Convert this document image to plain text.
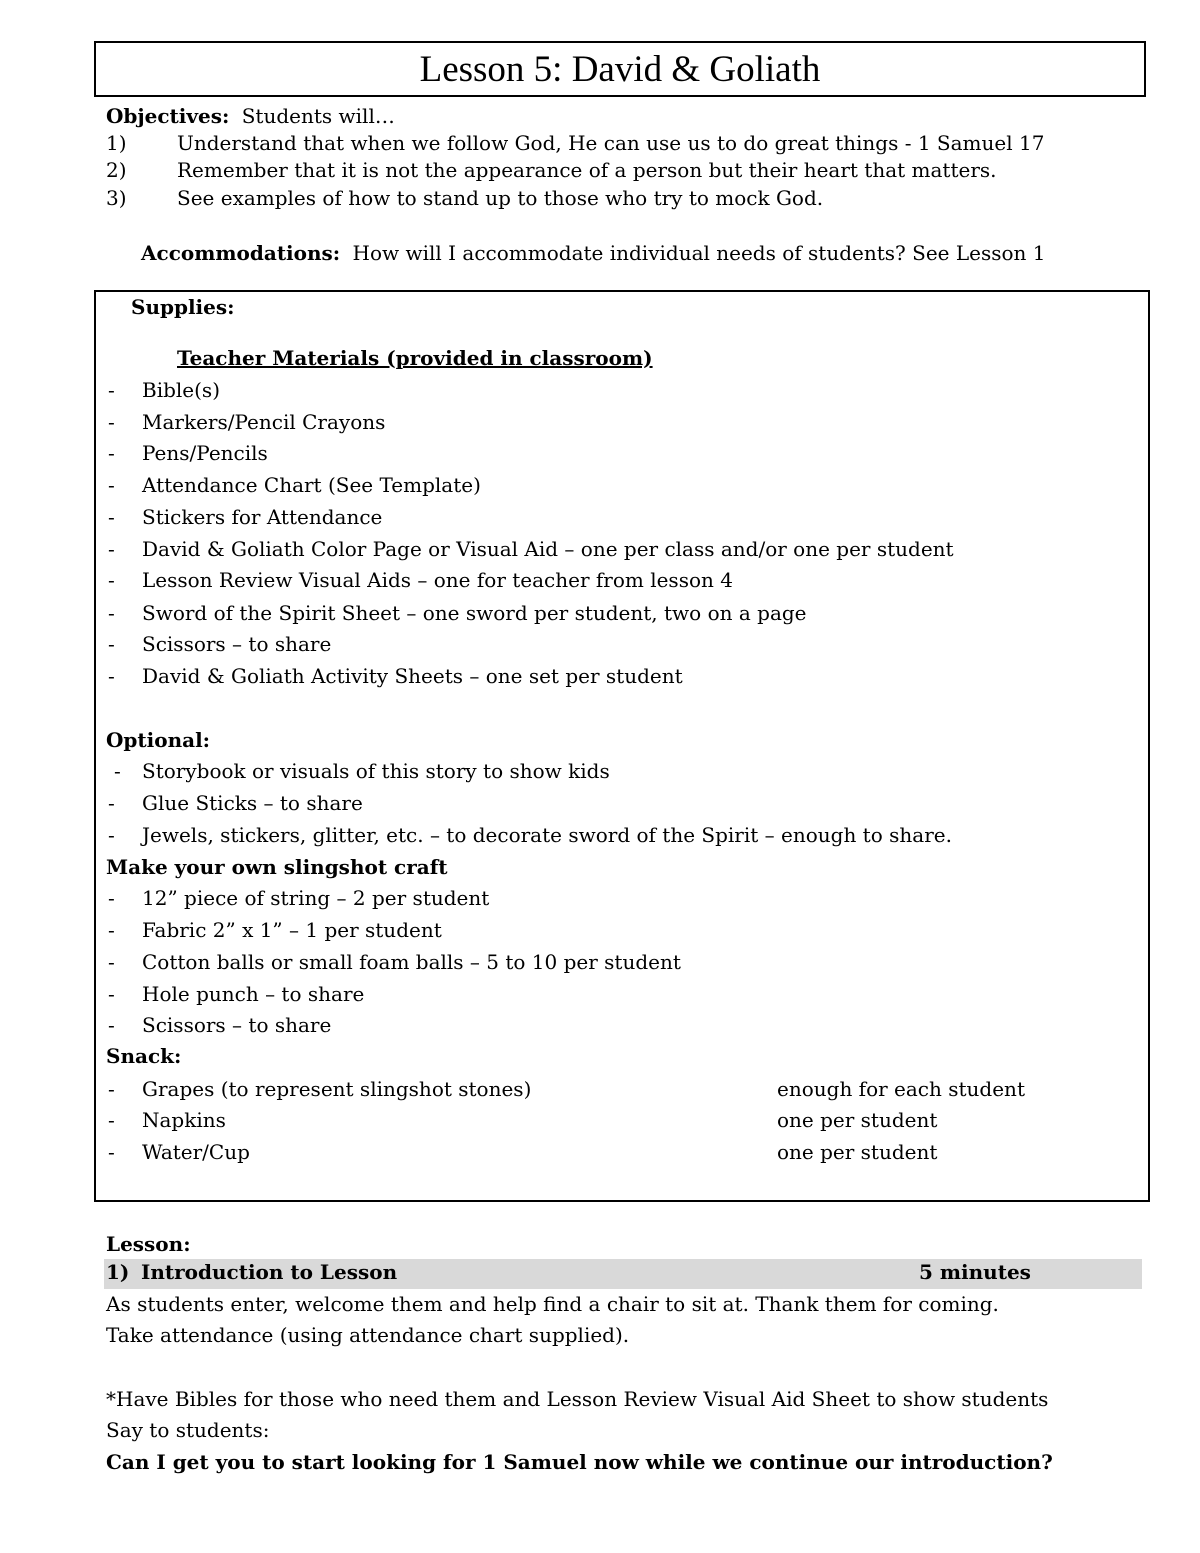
Lesson 5: David & Goliath
Objectives: Students will…
1)	Understand that when we follow God, He can use us to do great things - 1 Samuel 17
2)	Remember that it is not the appearance of a person but their heart that matters.
3)	See examples of how to stand up to those who try to mock God.
Accommodations: How will I accommodate individual needs of students? See Lesson 1
Supplies:
Teacher Materials (provided in classroom)
- Bible(s)
- Markers/Pencil Crayons
- Pens/Pencils
- Attendance Chart (See Template)
- Stickers for Attendance
- David & Goliath Color Page or Visual Aid – one per class and/or one per student
- Lesson Review Visual Aids – one for teacher from lesson 4
- Sword of the Spirit Sheet – one sword per student, two on a page
- Scissors – to share
- David & Goliath Activity Sheets – one set per student
Optional:
- Storybook or visuals of this story to show kids
- Glue Sticks – to share
- Jewels, stickers, glitter, etc. – to decorate sword of the Spirit – enough to share.
Make your own slingshot craft
- 12” piece of string – 2 per student
- Fabric 2” x 1” – 1 per student
- Cotton balls or small foam balls – 5 to 10 per student
- Hole punch – to share
- Scissors – to share
Snack:
- Grapes (to represent slingshot stones)	enough for each student
- Napkins	one per student
- Water/Cup	one per student
Lesson:
1) Introduction to Lesson	5 minutes
As students enter, welcome them and help find a chair to sit at. Thank them for coming.
Take attendance (using attendance chart supplied).
*Have Bibles for those who need them and Lesson Review Visual Aid Sheet to show students
Say to students:
Can I get you to start looking for 1 Samuel now while we continue our introduction?
